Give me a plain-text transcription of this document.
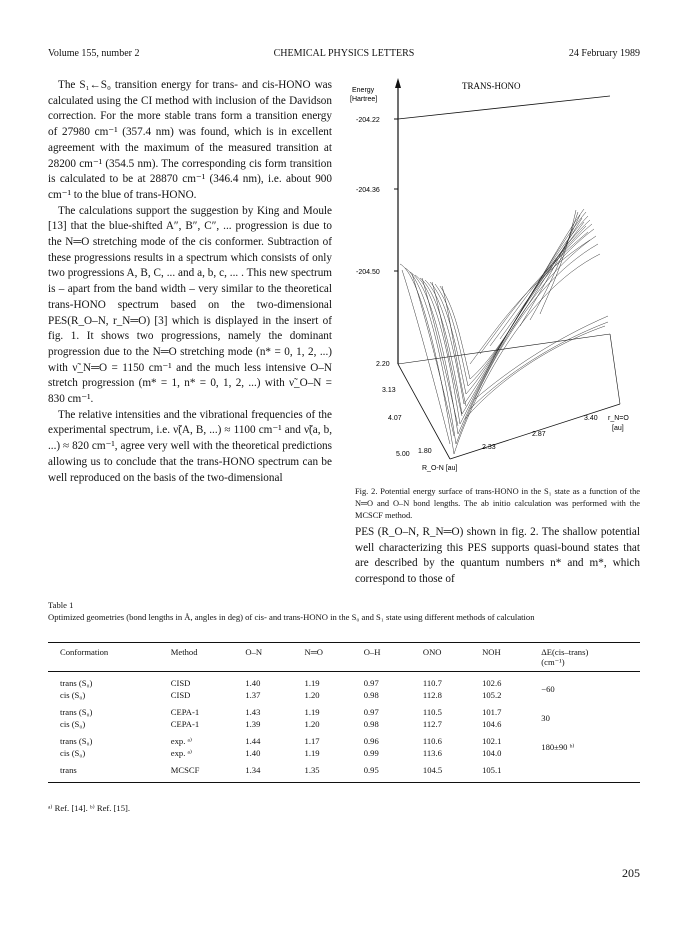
Volume 155, number 2	CHEMICAL PHYSICS LETTERS	24 February 1989

The S₁←S₀ transition energy for trans- and cis-HONO was calculated using the CI method with inclusion of the Davidson correction. For the more stable trans form a transition energy of 27980 cm⁻¹ (357.4 nm) was found, which is in excellent agreement with the maximum of the measured transition at 28200 cm⁻¹ (354.5 nm). The corresponding cis form transition is calculated to be at 28870 cm⁻¹ (346.4 nm), i.e. about 900 cm⁻¹ to the blue of trans-HONO.

The calculations support the suggestion by King and Moule [13] that the blue-shifted A″, B″, C″, ... progression is due to the N═O stretching mode of the cis conformer. Subtraction of these progressions results in a spectrum which consists of only two progressions A, B, C, ... and a, b, c, ... . This new spectrum is – apart from the band width – very similar to the theoretical trans-HONO spectrum based on the two-dimensional PES(R_O–N, r_N═O) [3] which is displayed in the insert of fig. 1. It shows two progressions, namely the dominant progression due to the N═O stretching mode (n* = 0, 1, 2, ...) with ν̃_N═O = 1150 cm⁻¹ and the much less intensive O–N stretch progression (m* = 1, n* = 0, 1, 2, ...) with ν̃_O–N = 830 cm⁻¹.

The relative intensities and the vibrational frequencies of the experimental spectrum, i.e. ν̃(A, B, ...) ≈ 1100 cm⁻¹ and ν̃(a, b, ...) ≈ 820 cm⁻¹, agree very well with the theoretical predictions allowing us to conclude that the trans-HONO spectrum can be well reproduced on the basis of the two-dimensional

Energy
[Hartree]
TRANS-HONO
-204.22
-204.36
-204.50
2.20
3.13
4.07
5.00
R_O-N [au]
1.80
2.33
2.87
3.40 r_N=O
[au]
Fig. 2. Potential energy surface of trans-HONO in the S₁ state as a function of the N═O and O–N bond lengths. The ab initio calculation was performed with the MCSCF method.
PES (R_O–N, R_N═O) shown in fig. 2. The shallow potential well characterizing this PES supports quasi-bound states that are described by the quantum numbers n* and m*, which correspond to those of
Table 1
Optimized geometries (bond lengths in Å, angles in deg) of cis- and trans-HONO in the S₀ and S₁ state using different methods of calculation
Conformation	Method	O–N	N═O	O–H	ONO	NOH	ΔE(cis–trans)
(cm⁻¹)
trans (S₀)	CISD	1.40	1.19	0.97	110.7	102.6	−60
cis (S₀)	CISD	1.37	1.20	0.98	112.8	105.2	
trans (S₀)	CEPA-1	1.43	1.19	0.97	110.5	101.7	30
cis (S₀)	CEPA-1	1.39	1.20	0.98	112.7	104.6	
trans (S₀)	exp. ᵃ⁾	1.44	1.17	0.96	110.6	102.1	180±90 ᵇ⁾
cis (S₀)	exp. ᵃ⁾	1.40	1.19	0.99	113.6	104.0	
trans	MCSCF	1.34	1.35	0.95	104.5	105.1	
ᵃ⁾ Ref. [14]. ᵇ⁾ Ref. [15].
205
